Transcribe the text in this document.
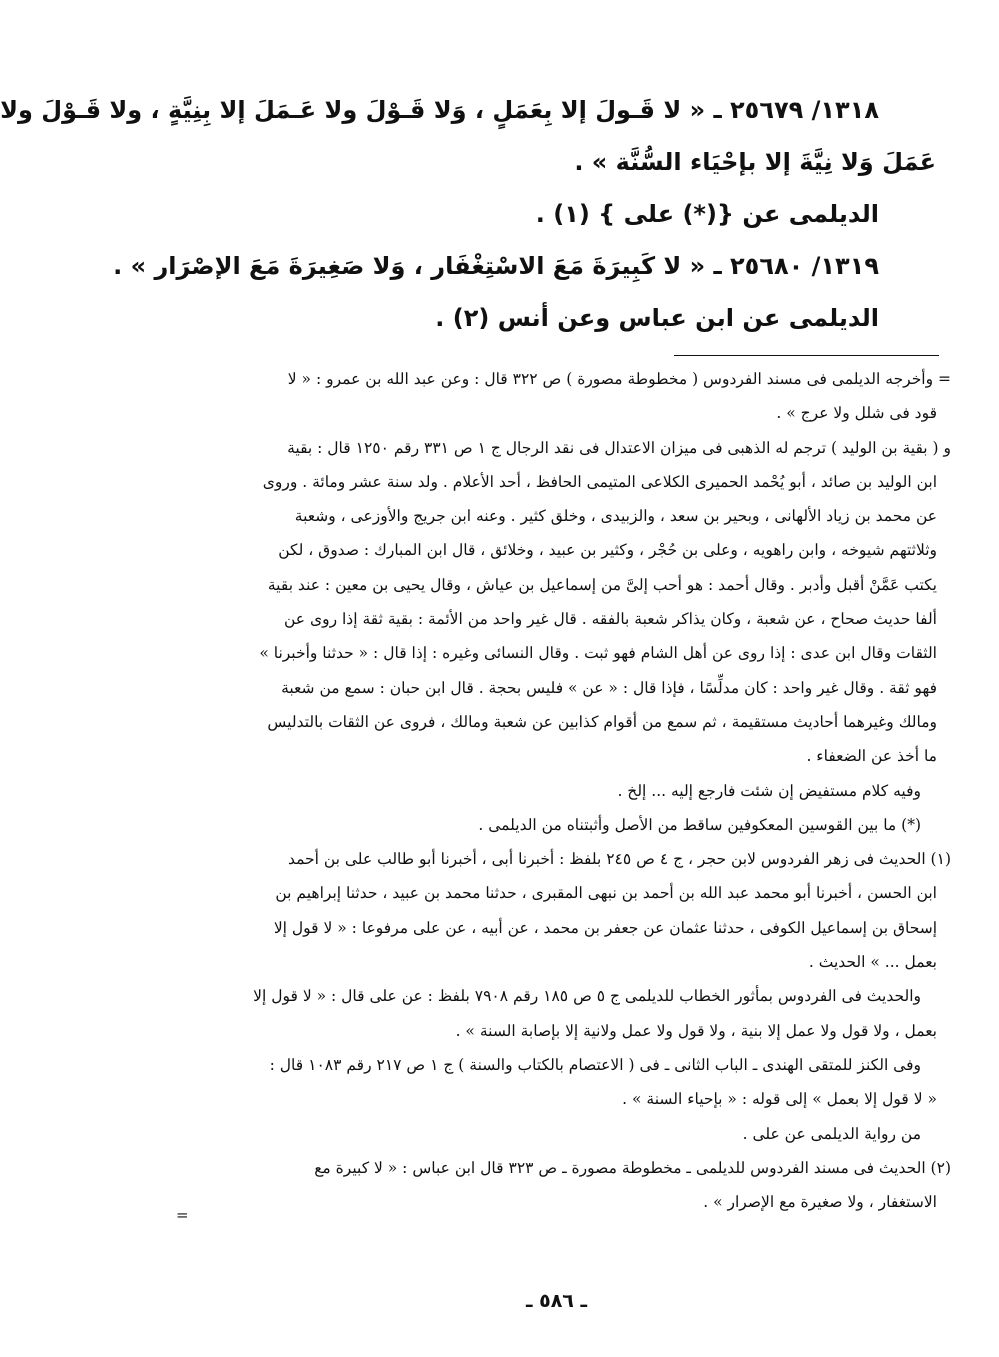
١٣١٨/ ٢٥٦٧٩ ـ « لا قَـولَ إلا بِعَمَلٍ ، وَلا قَـوْلَ ولا عَـمَلَ إلا بِنِيَّةٍ ، ولا قَـوْلَ ولا
عَمَلَ وَلا نِيَّةَ إلا بإحْيَاء السُّنَّة » .
الديلمى عن {(*) على } (١) .
١٣١٩/ ٢٥٦٨٠ ـ « لا كَبِيرَةَ مَعَ الاسْتِغْفَار ، وَلا صَغِيرَةَ مَعَ الإصْرَار » .
الديلمى عن ابن عباس وعن أنس (٢) .
= وأخرجه الديلمى فى مسند الفردوس ( مخطوطة مصورة ) ص ٣٢٢ قال : وعن عبد الله بن عمرو : « لا
قود فى شلل ولا عرج » .
و ( بقية بن الوليد ) ترجم له الذهبى فى ميزان الاعتدال فى نقد الرجال ج ١ ص ٣٣١ رقم ١٢٥٠ قال : بقية
ابن الوليد بن صائد ، أبو يُحْمد الحميرى الكلاعى المتيمى الحافظ ، أحد الأعلام . ولد سنة عشر ومائة . وروى
عن محمد بن زياد الألهانى ، وبحير بن سعد ، والزبيدى ، وخلق كثير . وعنه ابن جريج والأوزعى ، وشعبة
وثلاثتهم شيوخه ، وابن راهويه ، وعلى بن حُجْر ، وكثير بن عبيد ، وخلائق ، قال ابن المبارك : صدوق ، لكن
يكتب عَمَّنْ أقبل وأدبر . وقال أحمد : هو أحب إلىَّ من إسماعيل بن عياش ، وقال يحيى بن معين : عند بقية
ألفا حديث صحاح ، عن شعبة ، وكان يذاكر شعبة بالفقه . قال غير واحد من الأئمة : بقية ثقة إذا روى عن
الثقات وقال ابن عدى : إذا روى عن أهل الشام فهو ثبت . وقال النسائى وغيره : إذا قال : « حدثنا وأخبرنا »
فهو ثقة . وقال غير واحد : كان مدلِّسًا ، فإذا قال : « عن » فليس بحجة . قال ابن حبان : سمع من شعبة
ومالك وغيرهما أحاديث مستقيمة ، ثم سمع من أقوام كذابين عن شعبة ومالك ، فروى عن الثقات بالتدليس
ما أخذ عن الضعفاء .
وفيه كلام مستفيض إن شئت فارجع إليه ... إلخ .
(*) ما بين القوسين المعكوفين ساقط من الأصل وأثبتناه من الديلمى .
(١) الحديث فى زهر الفردوس لابن حجر ، ج ٤ ص ٢٤٥ بلفظ : أخبرنا أبى ، أخبرنا أبو طالب على بن أحمد
ابن الحسن ، أخبرنا أبو محمد عبد الله بن أحمد بن نبهى المقبرى ، حدثنا محمد بن عبيد ، حدثنا إبراهيم بن
إسحاق بن إسماعيل الكوفى ، حدثنا عثمان عن جعفر بن محمد ، عن أبيه ، عن على مرفوعا : « لا قول إلا
بعمل ... » الحديث .
والحديث فى الفردوس بمأثور الخطاب للديلمى ج ٥ ص ١٨٥ رقم ٧٩٠٨ بلفظ : عن على قال : « لا قول إلا
بعمل ، ولا قول ولا عمل إلا بنية ، ولا قول ولا عمل ولانية إلا بإصابة السنة » .
وفى الكنز للمتقى الهندى ـ الباب الثانى ـ فى ( الاعتصام بالكتاب والسنة ) ج ١ ص ٢١٧ رقم ١٠٨٣ قال :
« لا قول إلا بعمل » إلى قوله : « بإحياء السنة » .
من رواية الديلمى عن على .
(٢) الحديث فى مسند الفردوس للديلمى ـ مخطوطة مصورة ـ ص ٣٢٣ قال ابن عباس : « لا كبيرة مع
الاستغفار ، ولا صغيرة مع الإصرار » .
=
ـ ٥٨٦ ـ
